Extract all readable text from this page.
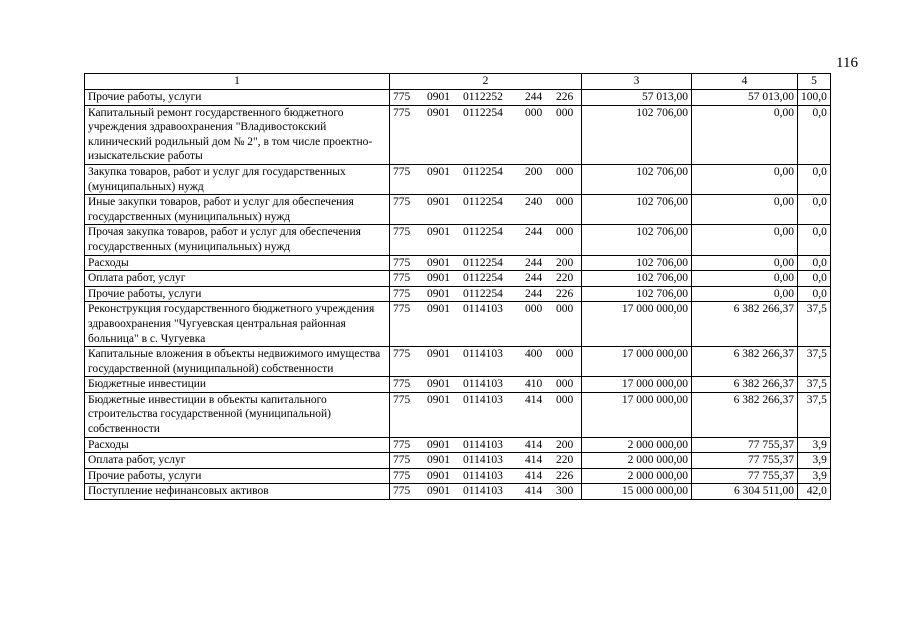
116
1	2	3	4	5
Прочие работы, услуги	775 0901 0112252 244 226	57 013,00	57 013,00	100,0
Капитальный ремонт государственного бюджетного учреждения здравоохранения "Владивостокский клинический родильный дом № 2", в том числе проектно-изыскательские работы	775 0901 0112254 000 000	102 706,00	0,00	0,0
Закупка товаров, работ и услуг для государственных (муниципальных) нужд	775 0901 0112254 200 000	102 706,00	0,00	0,0
Иные закупки товаров, работ и услуг для обеспечения государственных (муниципальных) нужд	775 0901 0112254 240 000	102 706,00	0,00	0,0
Прочая закупка товаров, работ и услуг для обеспечения государственных (муниципальных) нужд	775 0901 0112254 244 000	102 706,00	0,00	0,0
Расходы	775 0901 0112254 244 200	102 706,00	0,00	0,0
Оплата работ, услуг	775 0901 0112254 244 220	102 706,00	0,00	0,0
Прочие работы, услуги	775 0901 0112254 244 226	102 706,00	0,00	0,0
Реконструкция государственного бюджетного учреждения здравоохранения "Чугуевская центральная районная больница" в с. Чугуевка	775 0901 0114103 000 000	17 000 000,00	6 382 266,37	37,5
Капитальные вложения в объекты недвижимого имущества государственной (муниципальной) собственности	775 0901 0114103 400 000	17 000 000,00	6 382 266,37	37,5
Бюджетные инвестиции	775 0901 0114103 410 000	17 000 000,00	6 382 266,37	37,5
Бюджетные инвестиции в объекты капитального строительства государственной (муниципальной) собственности	775 0901 0114103 414 000	17 000 000,00	6 382 266,37	37,5
Расходы	775 0901 0114103 414 200	2 000 000,00	77 755,37	3,9
Оплата работ, услуг	775 0901 0114103 414 220	2 000 000,00	77 755,37	3,9
Прочие работы, услуги	775 0901 0114103 414 226	2 000 000,00	77 755,37	3,9
Поступление нефинансовых активов	775 0901 0114103 414 300	15 000 000,00	6 304 511,00	42,0
